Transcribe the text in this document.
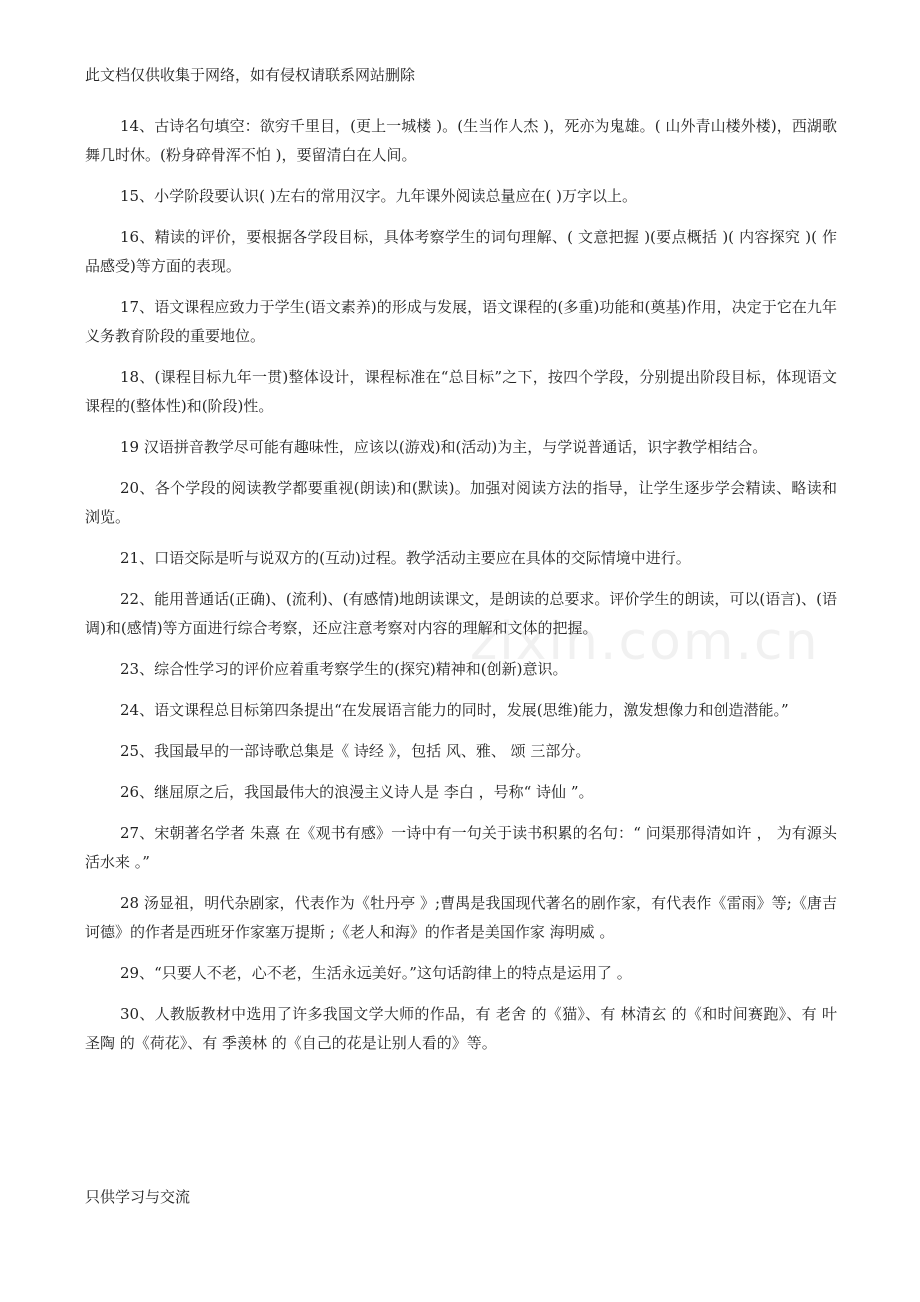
此文档仅供收集于网络，如有侵权请联系网站删除
zixin.com.cn

14、古诗名句填空：欲穷千里目，(更上一城楼 )。(生当作人杰 )，死亦为鬼雄。( 山外青山楼外楼)，西湖歌舞几时休。(粉身碎骨浑不怕 )，要留清白在人间。

15、小学阶段要认识( )左右的常用汉字。九年课外阅读总量应在( )万字以上。

16、精读的评价，要根据各学段目标，具体考察学生的词句理解、( 文意把握 )(要点概括 )( 内容探究 )( 作品感受)等方面的表现。

17、语文课程应致力于学生(语文素养)的形成与发展，语文课程的(多重)功能和(奠基)作用，决定于它在九年义务教育阶段的重要地位。

18、(课程目标九年一贯)整体设计，课程标准在“总目标”之下，按四个学段，分别提出阶段目标，体现语文课程的(整体性)和(阶段)性。

19 汉语拼音教学尽可能有趣味性，应该以(游戏)和(活动)为主，与学说普通话，识字教学相结合。

20、各个学段的阅读教学都要重视(朗读)和(默读)。加强对阅读方法的指导，让学生逐步学会精读、略读和浏览。

21、口语交际是听与说双方的(互动)过程。教学活动主要应在具体的交际情境中进行。

22、能用普通话(正确)、(流利)、(有感情)地朗读课文，是朗读的总要求。评价学生的朗读，可以(语言)、(语调)和(感情)等方面进行综合考察，还应注意考察对内容的理解和文体的把握。

23、综合性学习的评价应着重考察学生的(探究)精神和(创新)意识。

24、语文课程总目标第四条提出“在发展语言能力的同时，发展(思维)能力，激发想像力和创造潜能。”

25、我国最早的一部诗歌总集是《 诗经 》，包括 风、雅、 颂 三部分。

26、继屈原之后，我国最伟大的浪漫主义诗人是 李白 ，号称“ 诗仙 ”。

27、宋朝著名学者 朱熹 在《观书有感》一诗中有一句关于读书积累的名句：“ 问渠那得清如许 ， 为有源头活水来 。”

28 汤显祖，明代杂剧家，代表作为《牡丹亭 》;曹禺是我国现代著名的剧作家，有代表作《雷雨》等;《唐吉诃德》的作者是西班牙作家塞万提斯 ;《老人和海》的作者是美国作家 海明威 。

29、“只要人不老，心不老，生活永远美好。”这句话韵律上的特点是运用了 。

30、人教版教材中选用了许多我国文学大师的作品，有 老舍 的《猫》、有 林清玄 的《和时间赛跑》、有 叶圣陶 的《荷花》、有 季羡林 的《自己的花是让别人看的》等。

只供学习与交流
